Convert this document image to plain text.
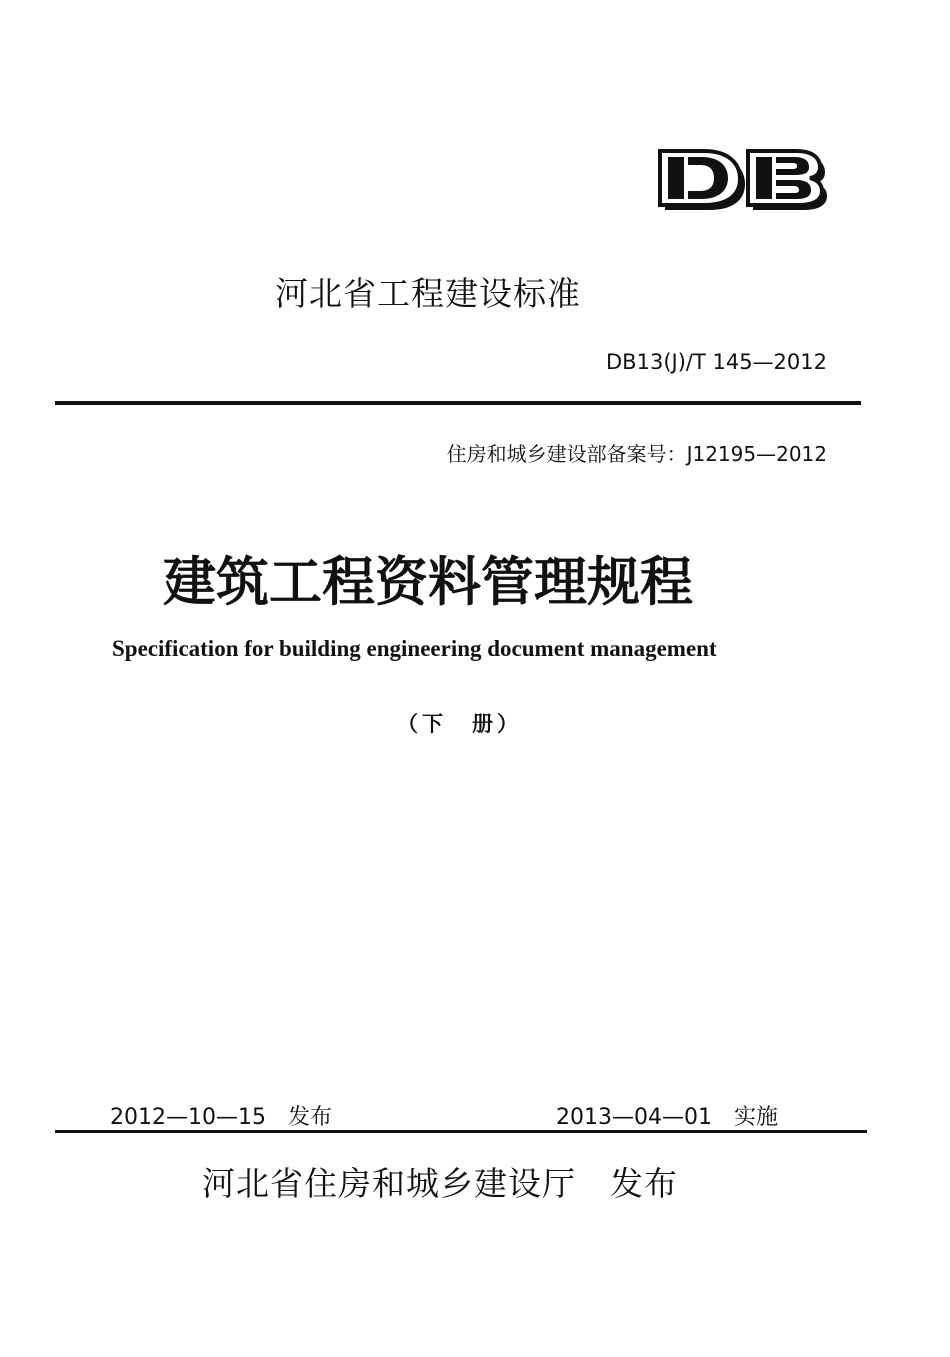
河北省工程建设标准
DB13(J)/T 145—2012
住房和城乡建设部备案号：J12195—2012
建筑工程资料管理规程
Specification for building engineering document management
（下　册）
2012—10—15　发布	2013—04—01　实施
河北省住房和城乡建设厅　发布
